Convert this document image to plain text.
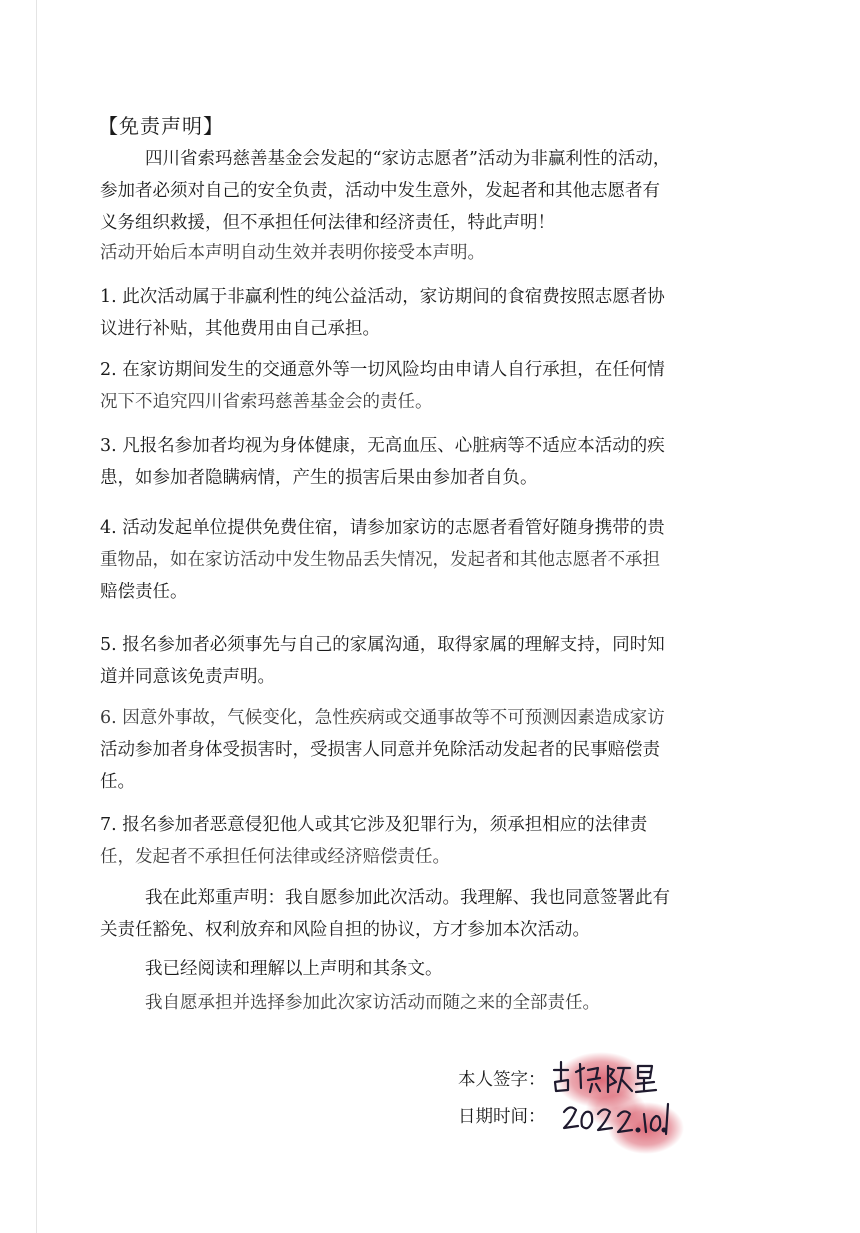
【免责声明】
四川省索玛慈善基金会发起的“家访志愿者”活动为非赢利性的活动，
参加者必须对自己的安全负责，活动中发生意外，发起者和其他志愿者有
义务组织救援，但不承担任何法律和经济责任，特此声明！
活动开始后本声明自动生效并表明你接受本声明。
1. 此次活动属于非赢利性的纯公益活动，家访期间的食宿费按照志愿者协
议进行补贴，其他费用由自己承担。
2. 在家访期间发生的交通意外等一切风险均由申请人自行承担，在任何情
况下不追究四川省索玛慈善基金会的责任。
3. 凡报名参加者均视为身体健康，无高血压、心脏病等不适应本活动的疾
患，如参加者隐瞒病情，产生的损害后果由参加者自负。
4. 活动发起单位提供免费住宿，请参加家访的志愿者看管好随身携带的贵
重物品，如在家访活动中发生物品丢失情况，发起者和其他志愿者不承担
赔偿责任。
5. 报名参加者必须事先与自己的家属沟通，取得家属的理解支持，同时知
道并同意该免责声明。
6. 因意外事故，气候变化，急性疾病或交通事故等不可预测因素造成家访
活动参加者身体受损害时，受损害人同意并免除活动发起者的民事赔偿责
任。
7. 报名参加者恶意侵犯他人或其它涉及犯罪行为，须承担相应的法律责
任，发起者不承担任何法律或经济赔偿责任。
我在此郑重声明：我自愿参加此次活动。我理解、我也同意签署此有
关责任豁免、权利放弃和风险自担的协议，方才参加本次活动。
我已经阅读和理解以上声明和其条文。
我自愿承担并选择参加此次家访活动而随之来的全部责任。
本人签字：
日期时间：
